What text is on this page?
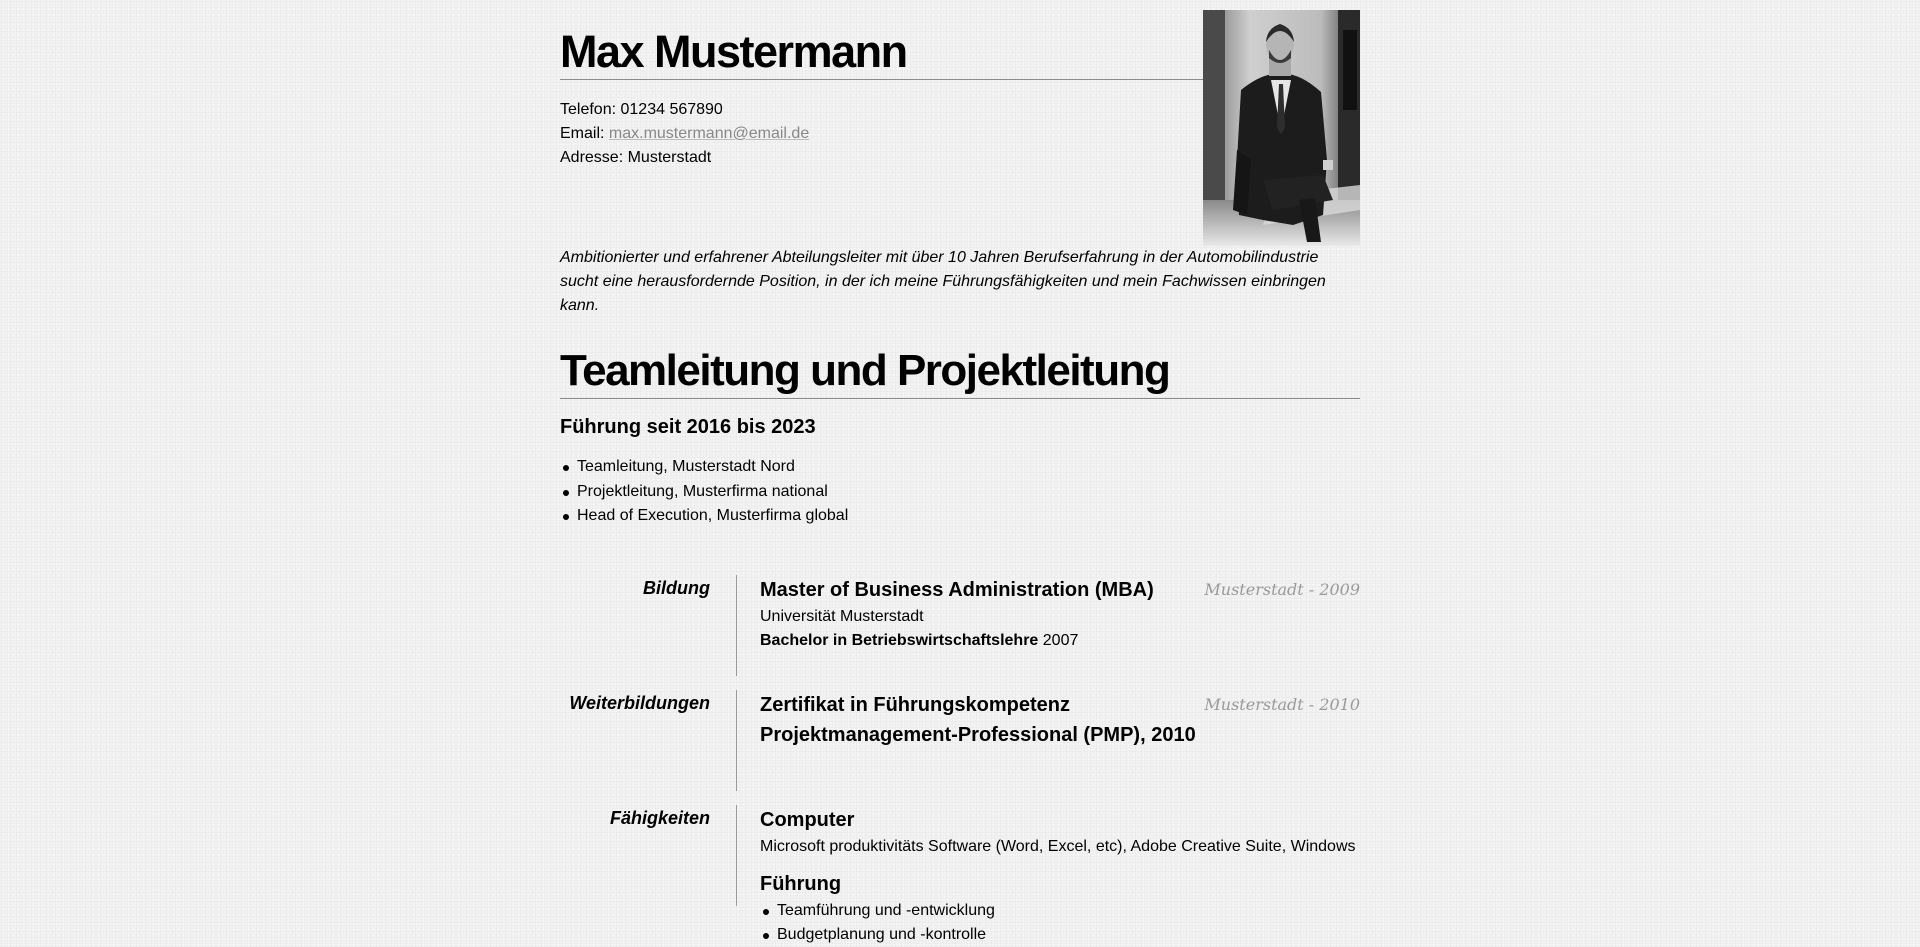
Max Mustermann
Telefon: 01234 567890
Email: max.mustermann@email.de
Adresse: Musterstadt
Ambitionierter und erfahrener Abteilungsleiter mit über 10 Jahren Berufserfahrung in der Automobilindustrie sucht eine herausfordernde Position, in der ich meine Führungsfähigkeiten und mein Fachwissen einbringen kann.
Teamleitung und Projektleitung
Führung seit 2016 bis 2023
Teamleitung, Musterstadt Nord
Projektleitung, Musterfirma national
Head of Execution, Musterfirma global
Bildung	Master of Business Administration (MBA)	Musterstadt - 2009
Universität Musterstadt
Bachelor in Betriebswirtschaftslehre 2007
Weiterbildungen	Zertifikat in Führungskompetenz	Musterstadt - 2010
Projektmanagement-Professional (PMP), 2010
Fähigkeiten	Computer
Microsoft produktivitäts Software (Word, Excel, etc), Adobe Creative Suite, Windows
Führung
Teamführung und -entwicklung
Budgetplanung und -kontrolle
